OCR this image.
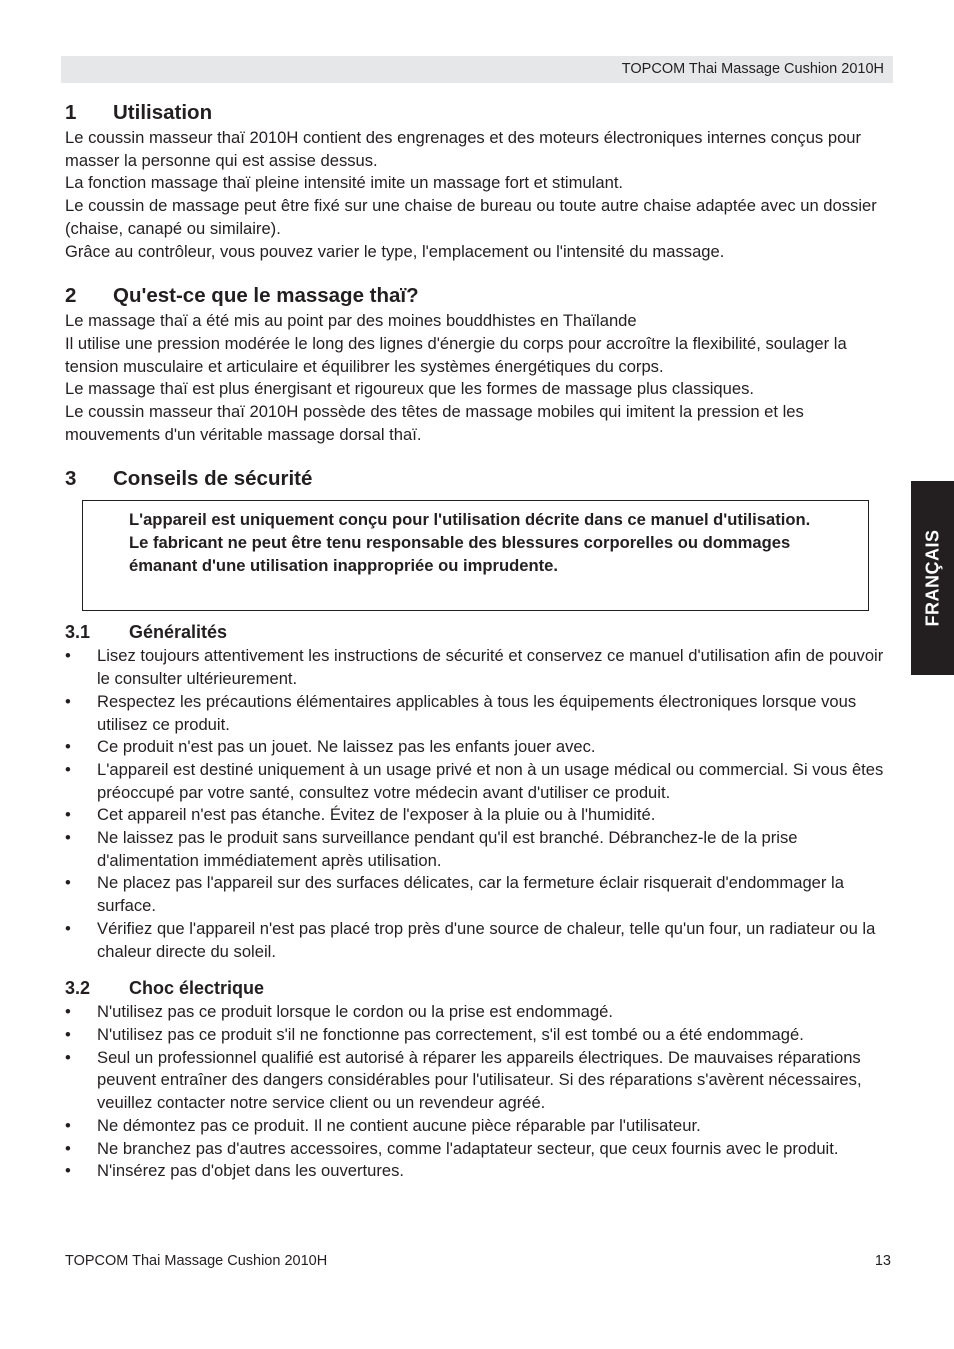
TOPCOM Thai Massage Cushion 2010H
FRANÇAIS
1	Utilisation

Le coussin masseur thaï 2010H contient des engrenages et des moteurs électroniques internes conçus pour masser la personne qui est assise dessus.

La fonction massage thaï pleine intensité imite un massage fort et stimulant.

Le coussin de massage peut être fixé sur une chaise de bureau ou toute autre chaise adaptée avec un dossier (chaise, canapé ou similaire).

Grâce au contrôleur, vous pouvez varier le type, l'emplacement ou l'intensité du massage.

2	Qu'est-ce que le massage thaï?

Le massage thaï a été mis au point par des moines bouddhistes en Thaïlande

Il utilise une pression modérée le long des lignes d'énergie du corps pour accroître la flexibilité, soulager la tension musculaire et articulaire et équilibrer les systèmes énergétiques du corps.

Le massage thaï est plus énergisant et rigoureux que les formes de massage plus classiques.

Le coussin masseur thaï 2010H possède des têtes de massage mobiles qui imitent la pression et les mouvements d'un véritable massage dorsal thaï.

3	Conseils de sécurité

L'appareil est uniquement conçu pour l'utilisation décrite dans ce manuel d'utilisation.

Le fabricant ne peut être tenu responsable des blessures corporelles ou dommages émanant d'une utilisation inappropriée ou imprudente.

3.1	Généralités
• Lisez toujours attentivement les instructions de sécurité et conservez ce manuel d'utilisation afin de pouvoir le consulter ultérieurement.
• Respectez les précautions élémentaires applicables à tous les équipements électroniques lorsque vous utilisez ce produit.
• Ce produit n'est pas un jouet. Ne laissez pas les enfants jouer avec.
• L'appareil est destiné uniquement à un usage privé et non à un usage médical ou commercial. Si vous êtes préoccupé par votre santé, consultez votre médecin avant d'utiliser ce produit.
• Cet appareil n'est pas étanche. Évitez de l'exposer à la pluie ou à l'humidité.
• Ne laissez pas le produit sans surveillance pendant qu'il est branché. Débranchez-le de la prise d'alimentation immédiatement après utilisation.
• Ne placez pas l'appareil sur des surfaces délicates, car la fermeture éclair risquerait d'endommager la surface.
• Vérifiez que l'appareil n'est pas placé trop près d'une source de chaleur, telle qu'un four, un radiateur ou la chaleur directe du soleil.
3.2	Choc électrique
• N'utilisez pas ce produit lorsque le cordon ou la prise est endommagé.
• N'utilisez pas ce produit s'il ne fonctionne pas correctement, s'il est tombé ou a été endommagé.
• Seul un professionnel qualifié est autorisé à réparer les appareils électriques. De mauvaises réparations peuvent entraîner des dangers considérables pour l'utilisateur. Si des réparations s'avèrent nécessaires, veuillez contacter notre service client ou un revendeur agréé.
• Ne démontez pas ce produit. Il ne contient aucune pièce réparable par l'utilisateur.
• Ne branchez pas d'autres accessoires, comme l'adaptateur secteur, que ceux fournis avec le produit.
• N'insérez pas d'objet dans les ouvertures.
TOPCOM Thai Massage Cushion 2010H	13
